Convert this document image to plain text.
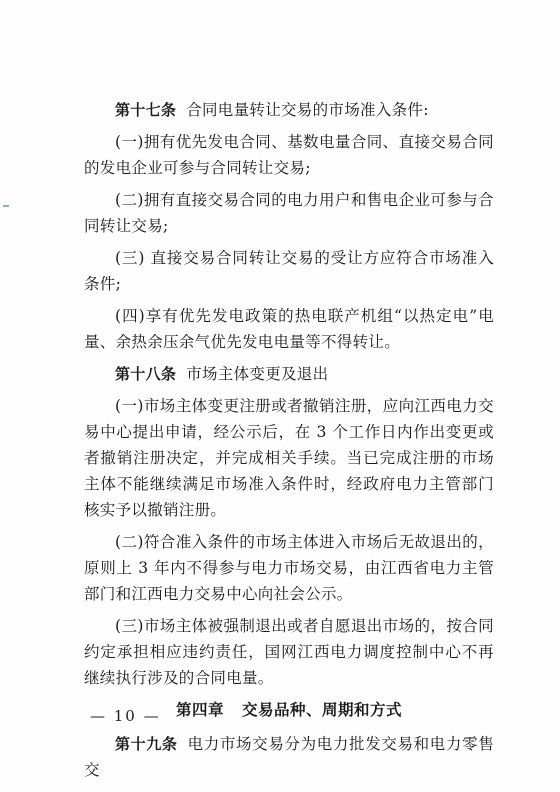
第十七条 合同电量转让交易的市场准入条件:

(一)拥有优先发电合同、基数电量合同、直接交易合同的发电企业可参与合同转让交易;

(二)拥有直接交易合同的电力用户和售电企业可参与合同转让交易;

(三) 直接交易合同转让交易的受让方应符合市场准入条件;

(四)享有优先发电政策的热电联产机组“以热定电”电量、余热余压余气优先发电电量等不得转让。

第十八条 市场主体变更及退出

(一)市场主体变更注册或者撤销注册，应向江西电力交易中心提出申请，经公示后，在 3 个工作日内作出变更或者撤销注册决定，并完成相关手续。当已完成注册的市场主体不能继续满足市场准入条件时，经政府电力主管部门核实予以撤销注册。

(二)符合准入条件的市场主体进入市场后无故退出的，原则上 3 年内不得参与电力市场交易，由江西省电力主管部门和江西电力交易中心向社会公示。

(三)市场主体被强制退出或者自愿退出市场的，按合同约定承担相应违约责任，国网江西电力调度控制中心不再继续执行涉及的合同电量。

第四章 交易品种、周期和方式

第十九条 电力市场交易分为电力批发交易和电力零售交

— 10 —
